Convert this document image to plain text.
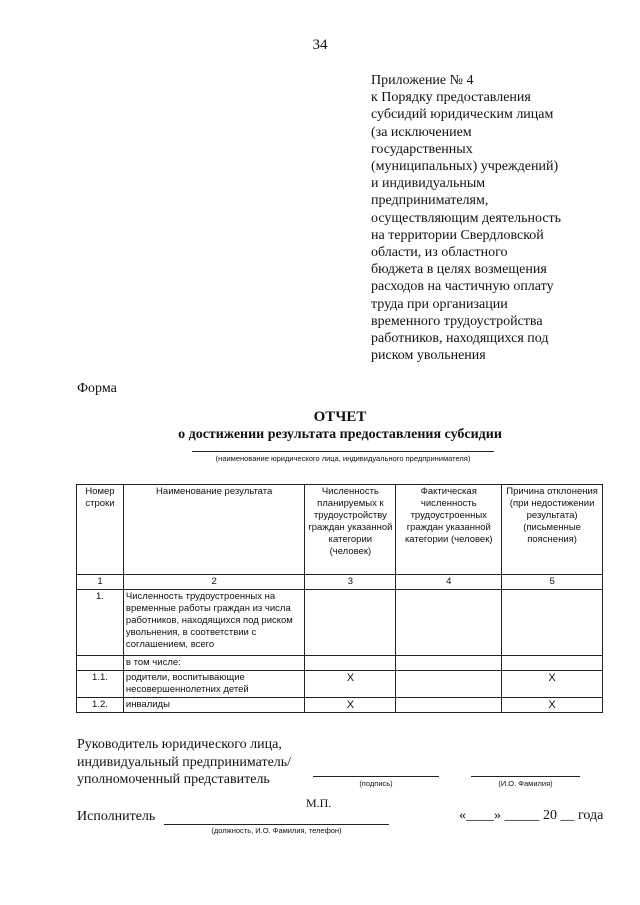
34
Приложение № 4
к Порядку предоставления
субсидий юридическим лицам
(за исключением
государственных
(муниципальных) учреждений)
и индивидуальным
предпринимателям,
осуществляющим деятельность
на территории Свердловской
области, из областного
бюджета в целях возмещения
расходов на частичную оплату
труда при организации
временного трудоустройства
работников, находящихся под
риском увольнения
Форма
ОТЧЕТ
о достижении результата предоставления субсидии
(наименование юридического лица, индивидуального предпринимателя)
Номер строки	Наименование результата	Численность планируемых к трудоустройству граждан указанной категории (человек)	Фактическая численность трудоустроенных граждан указанной категории (человек)	Причина отклонения (при недостижении результата) (письменные пояснения)
1	2	3	4	5
1.	Численность трудоустроенных на временные работы граждан из числа работников, находящихся под риском увольнения, в соответствии с соглашением, всего			
	в том числе:			
1.1.	родители, воспитывающие несовершеннолетних детей	Х		Х
1.2.	инвалиды	Х		Х
Руководитель юридического лица,
индивидуальный предприниматель/
уполномоченный представитель	(подпись)	(И.О. Фамилия)
М.П.
Исполнитель
(должность, И.О. Фамилия, телефон)
«____» _____ 20 __ года
